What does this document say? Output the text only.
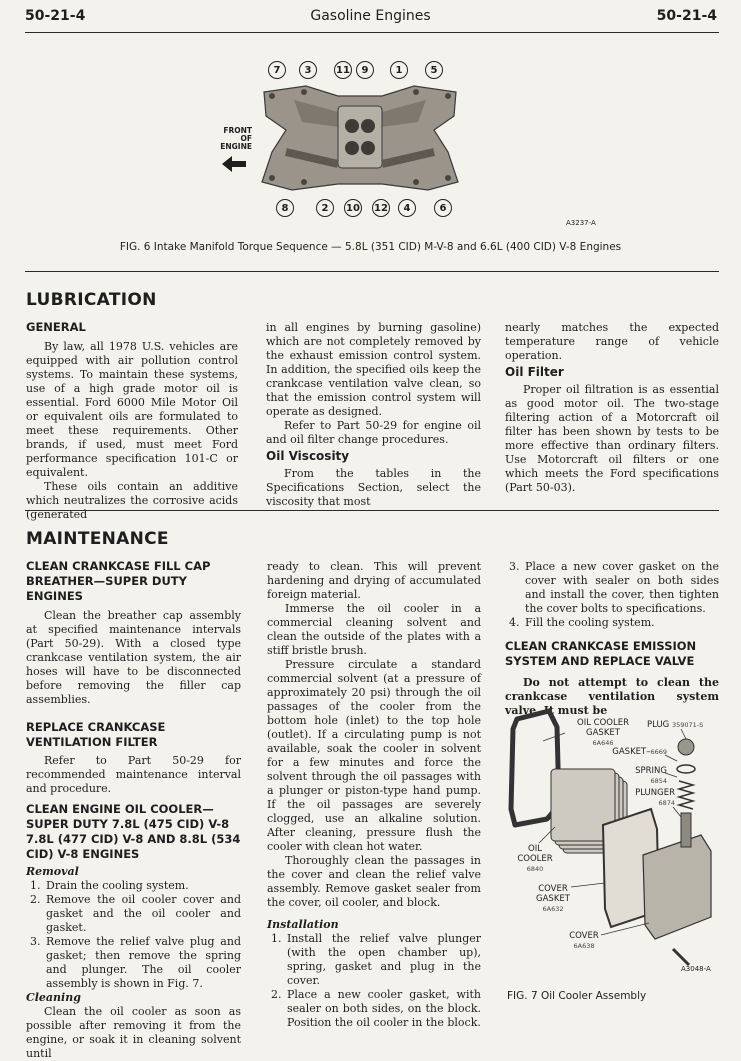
50-21-4	Gasoline Engines	50-21-4
7	3	11	9	1	5
8	2	10 12	4	6
FRONT
OF
ENGINE
A3237-A
FIG. 6 Intake Manifold Torque Sequence — 5.8L (351 CID) M-V-8 and 6.6L (400 CID) V-8 Engines
LUBRICATION
GENERAL

By law, all 1978 U.S. vehicles are equipped with air pollution control systems. To maintain these systems, use of a high grade motor oil is essential. Ford 6000 Mile Motor Oil or equivalent oils are formulated to meet these requirements. Other brands, if used, must meet Ford performance specification 101-C or equivalent.

These oils contain an additive which neutralizes the corrosive acids (generated

in all engines by burning gasoline) which are not completely removed by the exhaust emission control system. In addition, the specified oils keep the crankcase ventilation valve clean, so that the emission control system will operate as designed.

Refer to Part 50-29 for engine oil and oil filter change procedures.

Oil Viscosity

From the tables in the Specifications Section, select the viscosity that most

nearly matches the expected temperature range of vehicle operation.

Oil Filter

Proper oil filtration is as essential as good motor oil. The two-stage filtering action of a Motorcraft oil filter has been shown by tests to be more effective than ordinary filters. Use Motorcraft oil filters or one which meets the Ford specifications (Part 50-03).

MAINTENANCE
CLEAN CRANKCASE FILL CAP BREATHER—SUPER DUTY ENGINES

Clean the breather cap assembly at specified maintenance intervals (Part 50-29). With a closed type crankcase ventilation system, the air hoses will have to be disconnected before removing the filler cap assemblies.

REPLACE CRANKCASE VENTILATION FILTER

Refer to Part 50-29 for recommended maintenance interval and procedure.

CLEAN ENGINE OIL COOLER—SUPER DUTY 7.8L (475 CID) V-8 7.8L (477 CID) V-8 AND 8.8L (534 CID) V-8 ENGINES
Removal
1. Drain the cooling system.
2. Remove the oil cooler cover and gasket and the oil cooler and gasket.
3. Remove the relief valve plug and gasket; then remove the spring and plunger. The oil cooler assembly is shown in Fig. 7.
Cleaning

Clean the oil cooler as soon as possible after removing it from the engine, or soak it in cleaning solvent until

ready to clean. This will prevent hardening and drying of accumulated foreign material.

Immerse the oil cooler in a commercial cleaning solvent and clean the outside of the plates with a stiff bristle brush.

Pressure circulate a standard commercial solvent (at a pressure of approximately 20 psi) through the oil passages of the cooler from the bottom hole (inlet) to the top hole (outlet). If a circulating pump is not available, soak the cooler in solvent for a few minutes and force the solvent through the oil passages with a plunger or piston-type hand pump. If the oil passages are severely clogged, use an alkaline solution. After cleaning, pressure flush the cooler with clean hot water.

Thoroughly clean the passages in the cover and clean the relief valve assembly. Remove gasket sealer from the cover, oil cooler, and block.

Installation
1. Install the relief valve plunger (with the open chamber up), spring, gasket and plug in the cover.
2. Place a new cooler gasket, with sealer on both sides, on the block. Position the oil cooler in the block.
3. Place a new cover gasket on the cover with sealer on both sides and install the cover, then tighten the cover bolts to specifications.
4. Fill the cooling system.
CLEAN CRANKCASE EMISSION SYSTEM AND REPLACE VALVE

Do not attempt to clean the crankcase ventilation system valve. It must be

OIL COOLER GASKET
6A646
PLUG 359071-S
GASKET–6669
SPRING
6854
PLUNGER
6874
OIL
COOLER
6840
COVER
GASKET
6A632
COVER
6A638
A3048-A
FIG. 7 Oil Cooler Assembly
